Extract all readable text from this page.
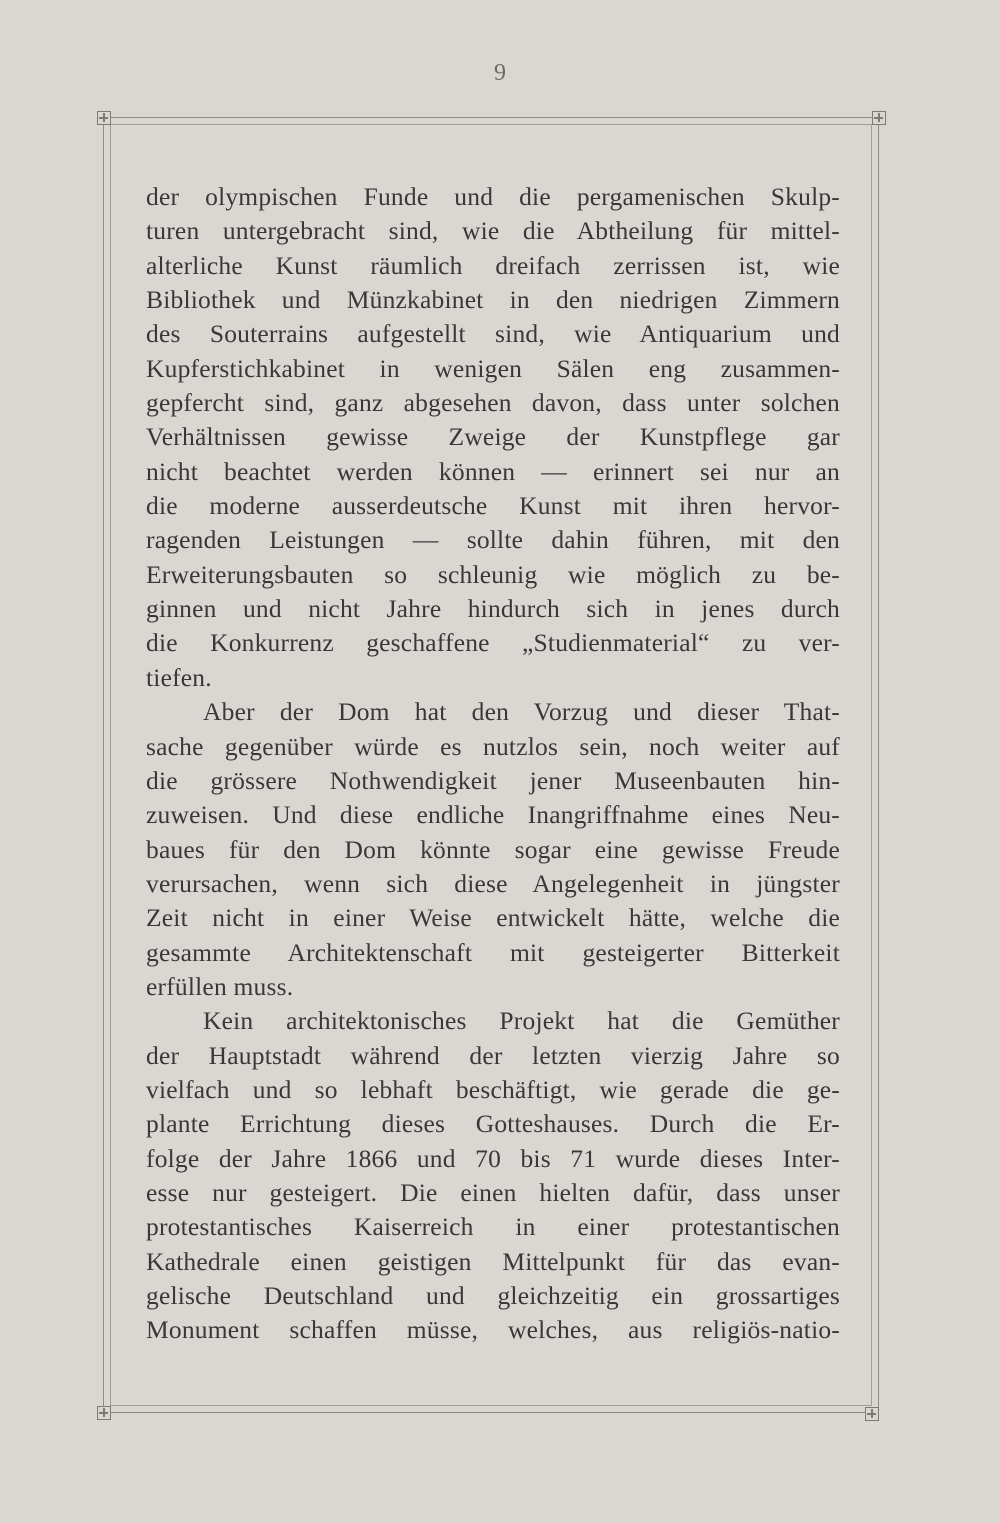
9
der olympischen Funde und die pergamenischen Skulp-
turen untergebracht sind, wie die Abtheilung für mittel-
alterliche Kunst räumlich dreifach zerrissen ist, wie
Bibliothek und Münzkabinet in den niedrigen Zimmern
des Souterrains aufgestellt sind, wie Antiquarium und
Kupferstichkabinet in wenigen Sälen eng zusammen-
gepfercht sind, ganz abgesehen davon, dass unter solchen
Verhältnissen gewisse Zweige der Kunstpflege gar
nicht beachtet werden können — erinnert sei nur an
die moderne ausserdeutsche Kunst mit ihren hervor-
ragenden Leistungen — sollte dahin führen, mit den
Erweiterungsbauten so schleunig wie möglich zu be-
ginnen und nicht Jahre hindurch sich in jenes durch
die Konkurrenz geschaffene „Studienmaterial“ zu ver-
tiefen.
Aber der Dom hat den Vorzug und dieser That-
sache gegenüber würde es nutzlos sein, noch weiter auf
die grössere Nothwendigkeit jener Museenbauten hin-
zuweisen. Und diese endliche Inangriffnahme eines Neu-
baues für den Dom könnte sogar eine gewisse Freude
verursachen, wenn sich diese Angelegenheit in jüngster
Zeit nicht in einer Weise entwickelt hätte, welche die
gesammte Architektenschaft mit gesteigerter Bitterkeit
erfüllen muss.
Kein architektonisches Projekt hat die Gemüther
der Hauptstadt während der letzten vierzig Jahre so
vielfach und so lebhaft beschäftigt, wie gerade die ge-
plante Errichtung dieses Gotteshauses. Durch die Er-
folge der Jahre 1866 und 70 bis 71 wurde dieses Inter-
esse nur gesteigert. Die einen hielten dafür, dass unser
protestantisches Kaiserreich in einer protestantischen
Kathedrale einen geistigen Mittelpunkt für das evan-
gelische Deutschland und gleichzeitig ein grossartiges
Monument schaffen müsse, welches, aus religiös-natio-
